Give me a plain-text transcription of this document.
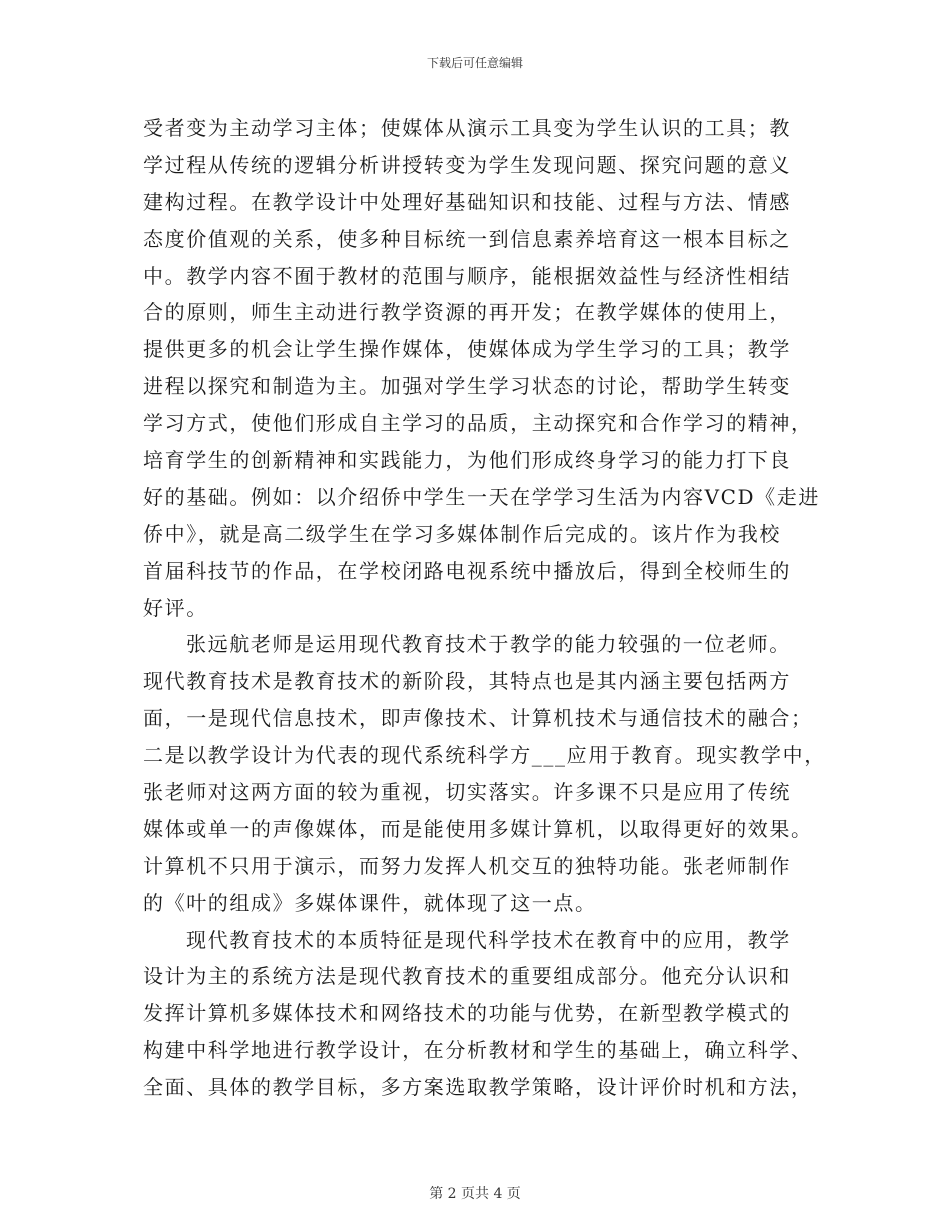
下载后可任意编辑
受者变为主动学习主体；使媒体从演示工具变为学生认识的工具；教
学过程从传统的逻辑分析讲授转变为学生发现问题、探究问题的意义
建构过程。在教学设计中处理好基础知识和技能、过程与方法、情感
态度价值观的关系，使多种目标统一到信息素养培育这一根本目标之
中。教学内容不囿于教材的范围与顺序，能根据效益性与经济性相结
合的原则，师生主动进行教学资源的再开发；在教学媒体的使用上，
提供更多的机会让学生操作媒体，使媒体成为学生学习的工具；教学
进程以探究和制造为主。加强对学生学习状态的讨论，帮助学生转变
学习方式，使他们形成自主学习的品质，主动探究和合作学习的精神，
培育学生的创新精神和实践能力，为他们形成终身学习的能力打下良
好的基础。例如：以介绍侨中学生一天在学学习生活为内容VCD《走进
侨中》，就是高二级学生在学习多媒体制作后完成的。该片作为我校
首届科技节的作品，在学校闭路电视系统中播放后，得到全校师生的
好评。
张远航老师是运用现代教育技术于教学的能力较强的一位老师。
现代教育技术是教育技术的新阶段，其特点也是其内涵主要包括两方
面，一是现代信息技术，即声像技术、计算机技术与通信技术的融合；
二是以教学设计为代表的现代系统科学方___应用于教育。现实教学中，
张老师对这两方面的较为重视，切实落实。许多课不只是应用了传统
媒体或单一的声像媒体，而是能使用多媒计算机，以取得更好的效果。
计算机不只用于演示，而努力发挥人机交互的独特功能。张老师制作
的《叶的组成》多媒体课件，就体现了这一点。
现代教育技术的本质特征是现代科学技术在教育中的应用，教学
设计为主的系统方法是现代教育技术的重要组成部分。他充分认识和
发挥计算机多媒体技术和网络技术的功能与优势，在新型教学模式的
构建中科学地进行教学设计，在分析教材和学生的基础上，确立科学、
全面、具体的教学目标，多方案选取教学策略，设计评价时机和方法，
第 2 页共 4 页
